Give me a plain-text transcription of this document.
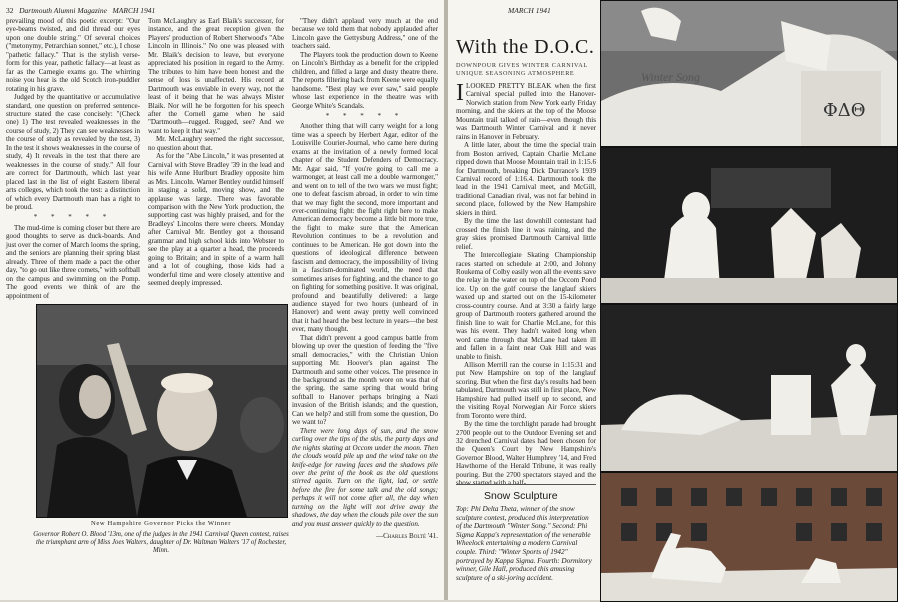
32 Dartmouth Alumni Magazine MARCH 1941

prevailing mood of this poetic excerpt: "Our eye-beams twisted, and did thread our eyes upon one double string." Of several choices ("metonymy, Petrarchian sonnet," etc.), I chose "pathetic fallacy." That is the stylish verse-form for this year, pathetic fallacy—at least as far as the Carnegie exams go. The whirring noise you hear is the old Scotch iron-puddler rotating in his grave.

Judged by the quantitative or accumulative standard, one question on preferred sentence-structure stated the case concisely: "(Check one) 1) The test revealed weaknesses in the course of study, 2) They can see weaknesses in the course of study as revealed by the test, 3) In the test it shows weaknesses in the course of study, 4) It reveals in the test that there are weaknesses in the course of study." All four are correct for Dartmouth, which last year placed last in the list of eight Eastern liberal arts colleges, which took the test: a distinction of which every Dartmouth man has a right to be proud.

* * * * *

The mud-time is coming closer but there are good thoughts to serve as duck-boards. And just over the corner of March looms the spring, and the seniors are planning their spring blast already. Three of them made a pact the other day, "to go out like three comets," with softball on the campus and swimming on the Pomp. The good events we think of are the appointment of

Tom McLaughry as Earl Blaik's successor, for instance, and the great reception given the Players' production of Robert Sherwood's "Abe Lincoln in Illinois." No one was pleased with Mr. Blaik's decision to leave, but everyone appreciated his position in regard to the Army. The tributes to him have been honest and the sense of loss is unaffected. His record at Dartmouth was enviable in every way, not the least of it being that he was always Mister Blaik. Nor will he be forgotten for his speech after the Cornell game when he said "Dartmouth—rugged. Rugged, see? And we want to keep it that way."

Mr. McLaughry seemed the right successor, no question about that.

As for the "Abe Lincoln," it was presented at Carnival with Steve Bradley '39 in the lead and his wife Anne Hurlburt Bradley opposite him as Mrs. Lincoln. Warner Bentley outdid himself in staging a solid, moving show, and the applause was large. There was favorable comparison with the New York production, the supporting cast was highly praised, and for the Bradleys' Lincolns there were cheers. Monday after Carnival Mr. Bentley got a thousand grammar and high school kids into Webster to see the play at a quarter a head, the proceeds going to Britain; and in spite of a warm hall and a lot of coughing, those kids had a wonderful time and were closely attentive and seemed deeply impressed.

"They didn't applaud very much at the end because we told them that nobody applauded after Lincoln gave the Gettysburg Address," one of the teachers said.

The Players took the production down to Keene on Lincoln's Birthday as a benefit for the crippled children, and filled a large and dusty theatre there. The reports filtering back from Keene were equally handsome. "Best play we ever saw," said people whose last experience in the theatre was with George White's Scandals.

* * * * *

Another thing that will carry weight for a long time was a speech by Herbert Agar, editor of the Louisville Courier-Journal, who came here during exams at the invitation of a newly formed local chapter of the Student Defenders of Democracy. Mr. Agar said, "If you're going to call me a warmonger, at least call me a double warmonger," and went on to tell of the two wars we must fight; one to defeat fascism abroad, in order to win time that we may fight the second, more important and ever-continuing fight: the fight right here to make American democracy become a little bit more true, the fight to make sure that the American Revolution continues to be a revolution and continues to be American. He got down into the questions of ideological difference between fascism and democracy, the impossibility of living in a fascism-dominated world, the need that sometimes arises for fighting, and the chance to go on fighting for something positive. It was original, profound and beautifully delivered: a large audience stayed for two hours (unheard of in Hanover) and went away pretty well convinced that it had heard the best lecture in years—the best ever, many thought.

That didn't prevent a good campus battle from blowing up over the question of feeding the "five small democracies," with the Christian Union supporting Mr. Hoover's plan against The Dartmouth and some other voices. The presence in the background as the month wore on was that of the spring, the same spring that would bring softball to Hanover perhaps bringing a Nazi invasion of the British islands; and the question, Can we help? and still from some the question, Do we want to?

There were long days of sun, and the snow curling over the tips of the skis, the party days and the nights skating at Occom under the moon. Then the clouds would pile up and the wind take on the knife-edge for rawing faces and the shadows pile over the print of the book as the old questions stirred again. Turn on the light, lad, or settle before the fire for some talk and the old songs; perhaps it will not come after all, the day when turning on the light will not drive away the shadows, the day when the clouds pile over the sun and you must answer quickly to the question.

—Charles Bolté '41.
New Hampshire Governor Picks the Winner
Governor Robert O. Blood '13m, one of the judges in the 1941 Carnival Queen contest, raises the triumphant arm of Miss Joes Walters, daughter of Dr. Waltman Walters '17 of Rochester, Minn.
MARCH 1941
With the D.O.C.
DOWNPOUR GIVES WINTER CARNIVAL UNIQUE SEASONING ATMOSPHERE

ILOOKED PRETTY BLEAK when the first Carnival special pulled into the Hanover-Norwich station from New York early Friday morning, and the skiers at the top of the Moose Mountain trail talked of rain—even though this was Dartmouth Winter Carnival and it never rains in Hanover in February.

A little later, about the time the special train from Boston arrived, Captain Charlie McLane ripped down that Moose Mountain trail in 1:15.6 for Dartmouth, breaking Dick Durrance's 1939 Carnival record of 1:16.4. Dartmouth took the lead in the 1941 Carnival meet, and McGill, traditional Canadian rival, was not far behind in second place, followed by the New Hampshire skiers in third.

By the time the last downhill contestant had crossed the finish line it was raining, and the gray skies promised Dartmouth Carnival little relief.

The Intercollegiate Skating Championship races started on schedule at 2:00, and Johnny Roukema of Colby easily won all the events save the relay in the water on top of the Occom Pond ice. Up on the golf course the langlauf skiers waxed up and started out on the 15-kilometer cross-country course. And at 3:30 a fairly large group of Dartmouth rooters gathered around the finish line to wait for Charlie McLane, for this was his event. They hadn't waited long when word came through that McLane had taken ill and fallen in a faint near Oak Hill and was unable to finish.

Allison Merrill ran the course in 1:15:31 and put New Hampshire on top of the langlauf scoring. But when the first day's results had been tabulated, Dartmouth was still in first place, New Hampshire had pulled itself up to second, and the visiting Royal Norwegian Air Force skiers from Toronto were third.

By the time the torchlight parade had brought 2700 people out to the Outdoor Evening set and 32 drenched Carnival dates had been chosen for the Queen's Court by New Hampshire's Governor Blood, Walter Humphrey '14, and Fred Hawthorne of the Herald Tribune, it was really pouring. But the 2700 spectators stayed and the show started with a half-

Snow Sculpture
Top: Phi Delta Theta, winner of the snow sculpture contest, produced this interpretation of the Dartmouth "Winter Song." Second: Phi Sigma Kappa's representation of the venerable Wheelock entertaining a modern Carnival couple. Third: "Winter Sports of 1942" portrayed by Kappa Sigma. Fourth: Dormitory winner, Gile Hall, produced this amusing sculpture of a ski-joring accident.
Winter Song
ΦΔΘ
